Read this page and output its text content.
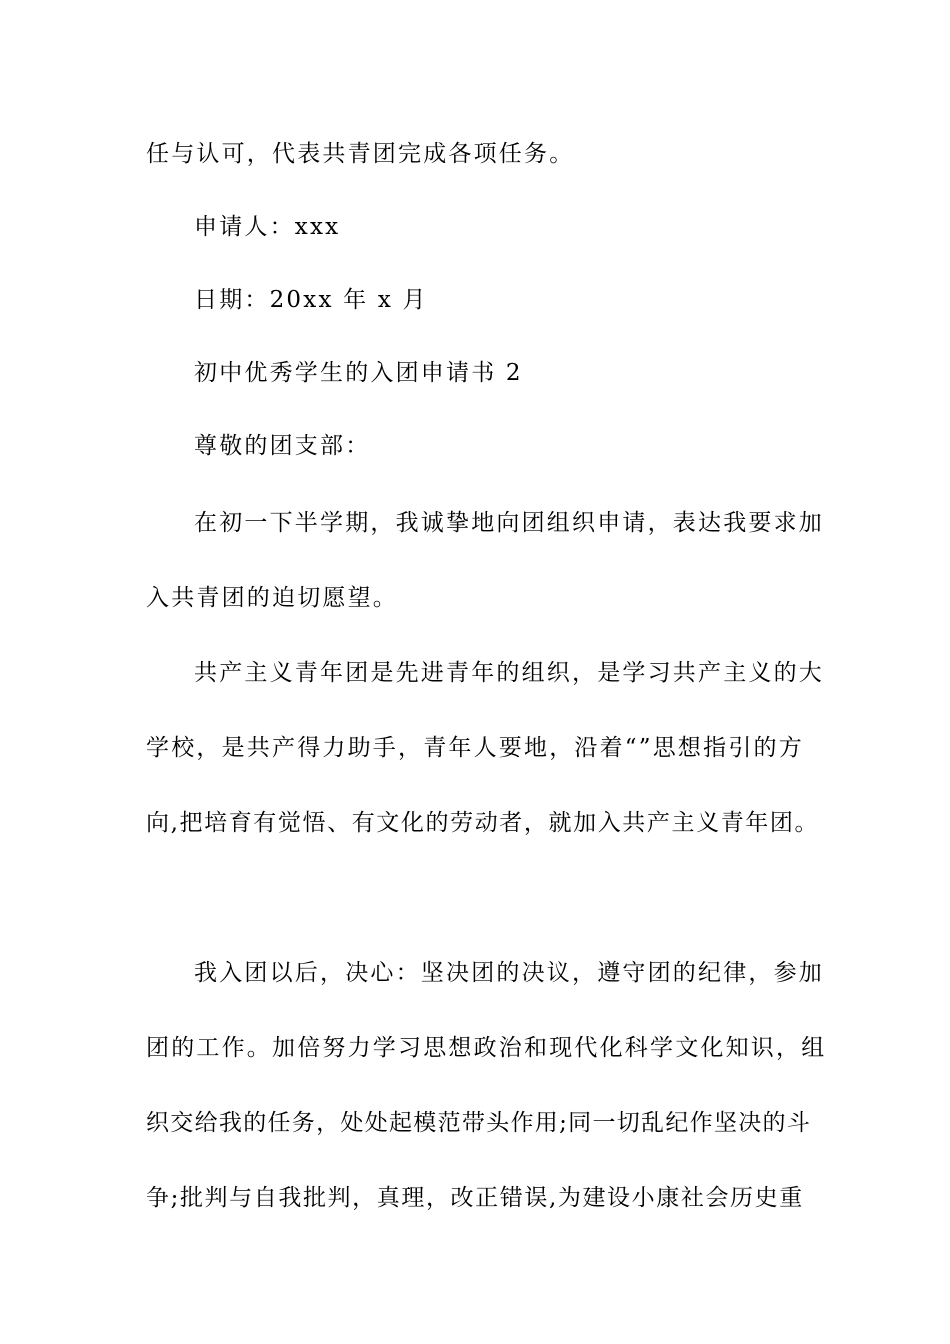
任与认可，代表共青团完成各项任务。
申请人：xxx
日期：20xx 年 x 月
初中优秀学生的入团申请书 2
尊敬的团支部：
在初一下半学期，我诚挚地向团组织申请，表达我要求加
入共青团的迫切愿望。
共产主义青年团是先进青年的组织，是学习共产主义的大
学校，是共产得力助手，青年人要地，沿着“”思想指引的方
向,把培育有觉悟、有文化的劳动者，就加入共产主义青年团。
我入团以后，决心：坚决团的决议，遵守团的纪律，参加
团的工作。加倍努力学习思想政治和现代化科学文化知识，组
织交给我的任务，处处起模范带头作用;同一切乱纪作坚决的斗
争;批判与自我批判，真理，改正错误,为建设小康社会历史重
